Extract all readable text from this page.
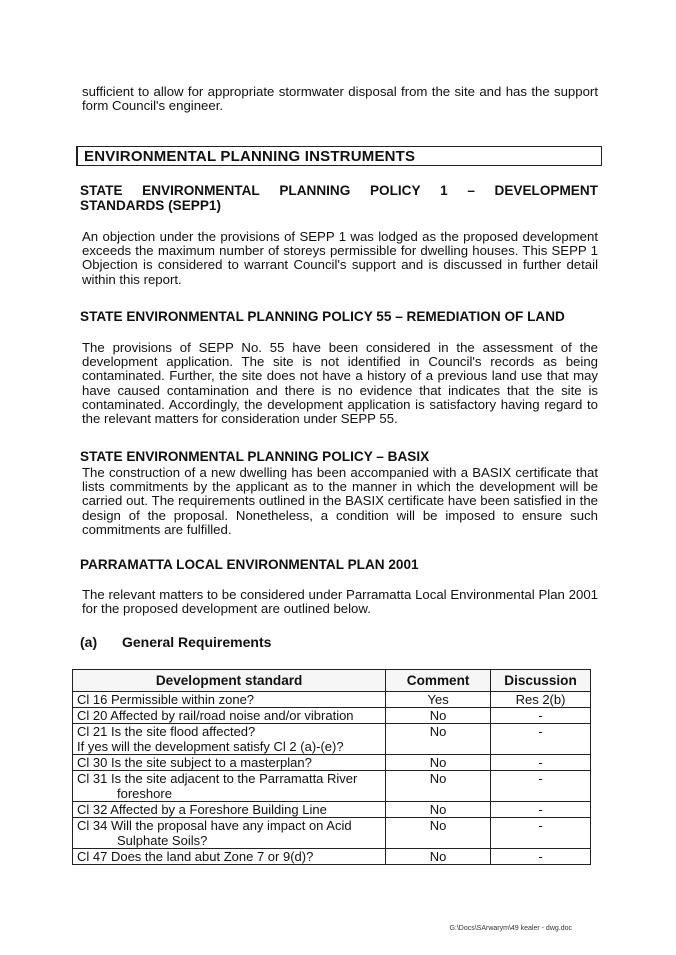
sufficient to allow for appropriate stormwater disposal from the site and has the support form Council's engineer.

ENVIRONMENTAL PLANNING INSTRUMENTS
STATE ENVIRONMENTAL PLANNING POLICY 1 – DEVELOPMENT
STANDARDS (SEPP1)

An objection under the provisions of SEPP 1 was lodged as the proposed development exceeds the maximum number of storeys permissible for dwelling houses. This SEPP 1 Objection is considered to warrant Council's support and is discussed in further detail within this report.

STATE ENVIRONMENTAL PLANNING POLICY 55 – REMEDIATION OF LAND

The provisions of SEPP No. 55 have been considered in the assessment of the development application. The site is not identified in Council's records as being contaminated. Further, the site does not have a history of a previous land use that may have caused contamination and there is no evidence that indicates that the site is contaminated. Accordingly, the development application is satisfactory having regard to the relevant matters for consideration under SEPP 55.

STATE ENVIRONMENTAL PLANNING POLICY – BASIX

The construction of a new dwelling has been accompanied with a BASIX certificate that lists commitments by the applicant as to the manner in which the development will be carried out. The requirements outlined in the BASIX certificate have been satisfied in the design of the proposal. Nonetheless, a condition will be imposed to ensure such commitments are fulfilled.

PARRAMATTA LOCAL ENVIRONMENTAL PLAN 2001

The relevant matters to be considered under Parramatta Local Environmental Plan 2001 for the proposed development are outlined below.

(a) General Requirements
Development standard	Comment	Discussion

Cl 16 Permissible within zone?	Yes	Res 2(b)

Cl 20 Affected by rail/road noise and/or vibration	No	-

Cl 21 Is the site flood affected?
If yes will the development satisfy Cl 2 (a)-(e)?	No	-

Cl 30 Is the site subject to a masterplan?	No	-

Cl 31 Is the site adjacent to the Parramatta River
foreshore	No	-

Cl 32 Affected by a Foreshore Building Line	No	-

Cl 34 Will the proposal have any impact on Acid
Sulphate Soils?	No	-

Cl 47 Does the land abut Zone 7 or 9(d)?	No	-
G:\Docs\SArwarym\49 kealer - dwg.doc
